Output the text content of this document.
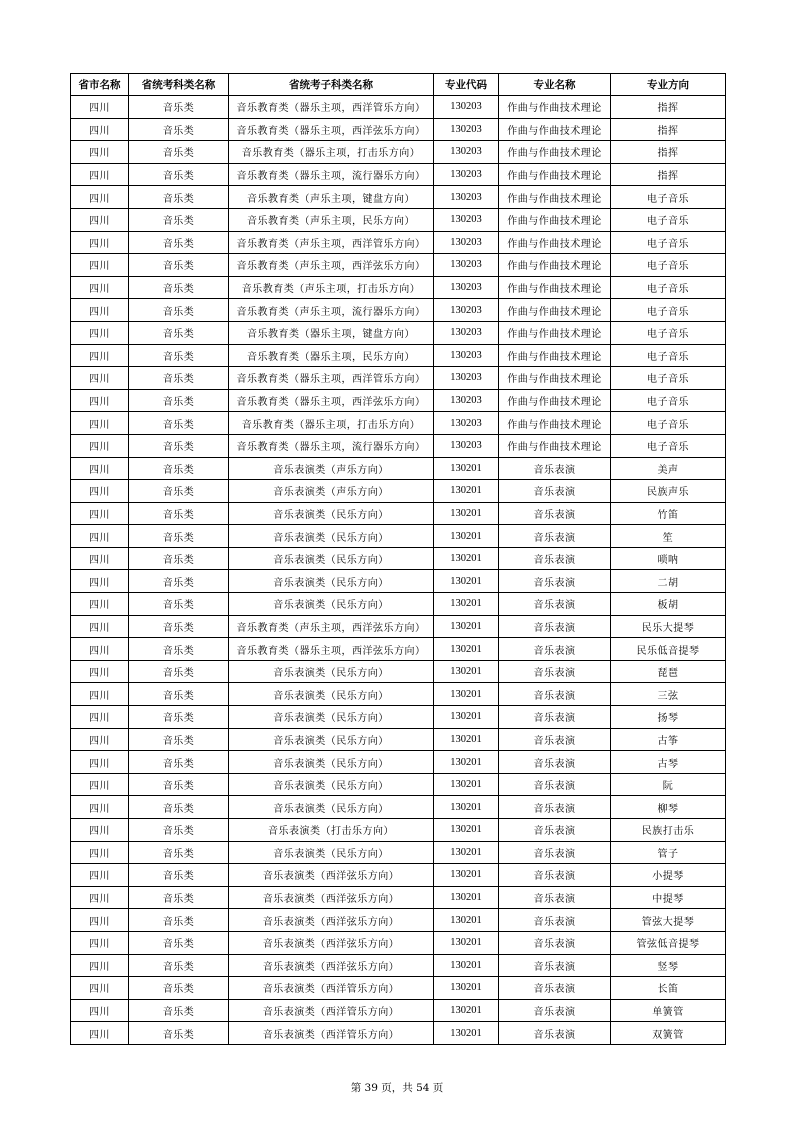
省市名称	省统考科类名称	省统考子科类名称	专业代码	专业名称	专业方向
四川	音乐类	音乐教育类（器乐主项，西洋管乐方向）	130203	作曲与作曲技术理论	指挥
四川	音乐类	音乐教育类（器乐主项，西洋弦乐方向）	130203	作曲与作曲技术理论	指挥
四川	音乐类	音乐教育类（器乐主项，打击乐方向）	130203	作曲与作曲技术理论	指挥
四川	音乐类	音乐教育类（器乐主项，流行器乐方向）	130203	作曲与作曲技术理论	指挥
四川	音乐类	音乐教育类（声乐主项，键盘方向）	130203	作曲与作曲技术理论	电子音乐
四川	音乐类	音乐教育类（声乐主项，民乐方向）	130203	作曲与作曲技术理论	电子音乐
四川	音乐类	音乐教育类（声乐主项，西洋管乐方向）	130203	作曲与作曲技术理论	电子音乐
四川	音乐类	音乐教育类（声乐主项，西洋弦乐方向）	130203	作曲与作曲技术理论	电子音乐
四川	音乐类	音乐教育类（声乐主项，打击乐方向）	130203	作曲与作曲技术理论	电子音乐
四川	音乐类	音乐教育类（声乐主项，流行器乐方向）	130203	作曲与作曲技术理论	电子音乐
四川	音乐类	音乐教育类（器乐主项，键盘方向）	130203	作曲与作曲技术理论	电子音乐
四川	音乐类	音乐教育类（器乐主项，民乐方向）	130203	作曲与作曲技术理论	电子音乐
四川	音乐类	音乐教育类（器乐主项，西洋管乐方向）	130203	作曲与作曲技术理论	电子音乐
四川	音乐类	音乐教育类（器乐主项，西洋弦乐方向）	130203	作曲与作曲技术理论	电子音乐
四川	音乐类	音乐教育类（器乐主项，打击乐方向）	130203	作曲与作曲技术理论	电子音乐
四川	音乐类	音乐教育类（器乐主项，流行器乐方向）	130203	作曲与作曲技术理论	电子音乐
四川	音乐类	音乐表演类（声乐方向）	130201	音乐表演	美声
四川	音乐类	音乐表演类（声乐方向）	130201	音乐表演	民族声乐
四川	音乐类	音乐表演类（民乐方向）	130201	音乐表演	竹笛
四川	音乐类	音乐表演类（民乐方向）	130201	音乐表演	笙
四川	音乐类	音乐表演类（民乐方向）	130201	音乐表演	唢呐
四川	音乐类	音乐表演类（民乐方向）	130201	音乐表演	二胡
四川	音乐类	音乐表演类（民乐方向）	130201	音乐表演	板胡
四川	音乐类	音乐教育类（声乐主项，西洋弦乐方向）	130201	音乐表演	民乐大提琴
四川	音乐类	音乐教育类（器乐主项，西洋弦乐方向）	130201	音乐表演	民乐低音提琴
四川	音乐类	音乐表演类（民乐方向）	130201	音乐表演	琵琶
四川	音乐类	音乐表演类（民乐方向）	130201	音乐表演	三弦
四川	音乐类	音乐表演类（民乐方向）	130201	音乐表演	扬琴
四川	音乐类	音乐表演类（民乐方向）	130201	音乐表演	古筝
四川	音乐类	音乐表演类（民乐方向）	130201	音乐表演	古琴
四川	音乐类	音乐表演类（民乐方向）	130201	音乐表演	阮
四川	音乐类	音乐表演类（民乐方向）	130201	音乐表演	柳琴
四川	音乐类	音乐表演类（打击乐方向）	130201	音乐表演	民族打击乐
四川	音乐类	音乐表演类（民乐方向）	130201	音乐表演	管子
四川	音乐类	音乐表演类（西洋弦乐方向）	130201	音乐表演	小提琴
四川	音乐类	音乐表演类（西洋弦乐方向）	130201	音乐表演	中提琴
四川	音乐类	音乐表演类（西洋弦乐方向）	130201	音乐表演	管弦大提琴
四川	音乐类	音乐表演类（西洋弦乐方向）	130201	音乐表演	管弦低音提琴
四川	音乐类	音乐表演类（西洋弦乐方向）	130201	音乐表演	竖琴
四川	音乐类	音乐表演类（西洋管乐方向）	130201	音乐表演	长笛
四川	音乐类	音乐表演类（西洋管乐方向）	130201	音乐表演	单簧管
四川	音乐类	音乐表演类（西洋管乐方向）	130201	音乐表演	双簧管
第 39 页，共 54 页
